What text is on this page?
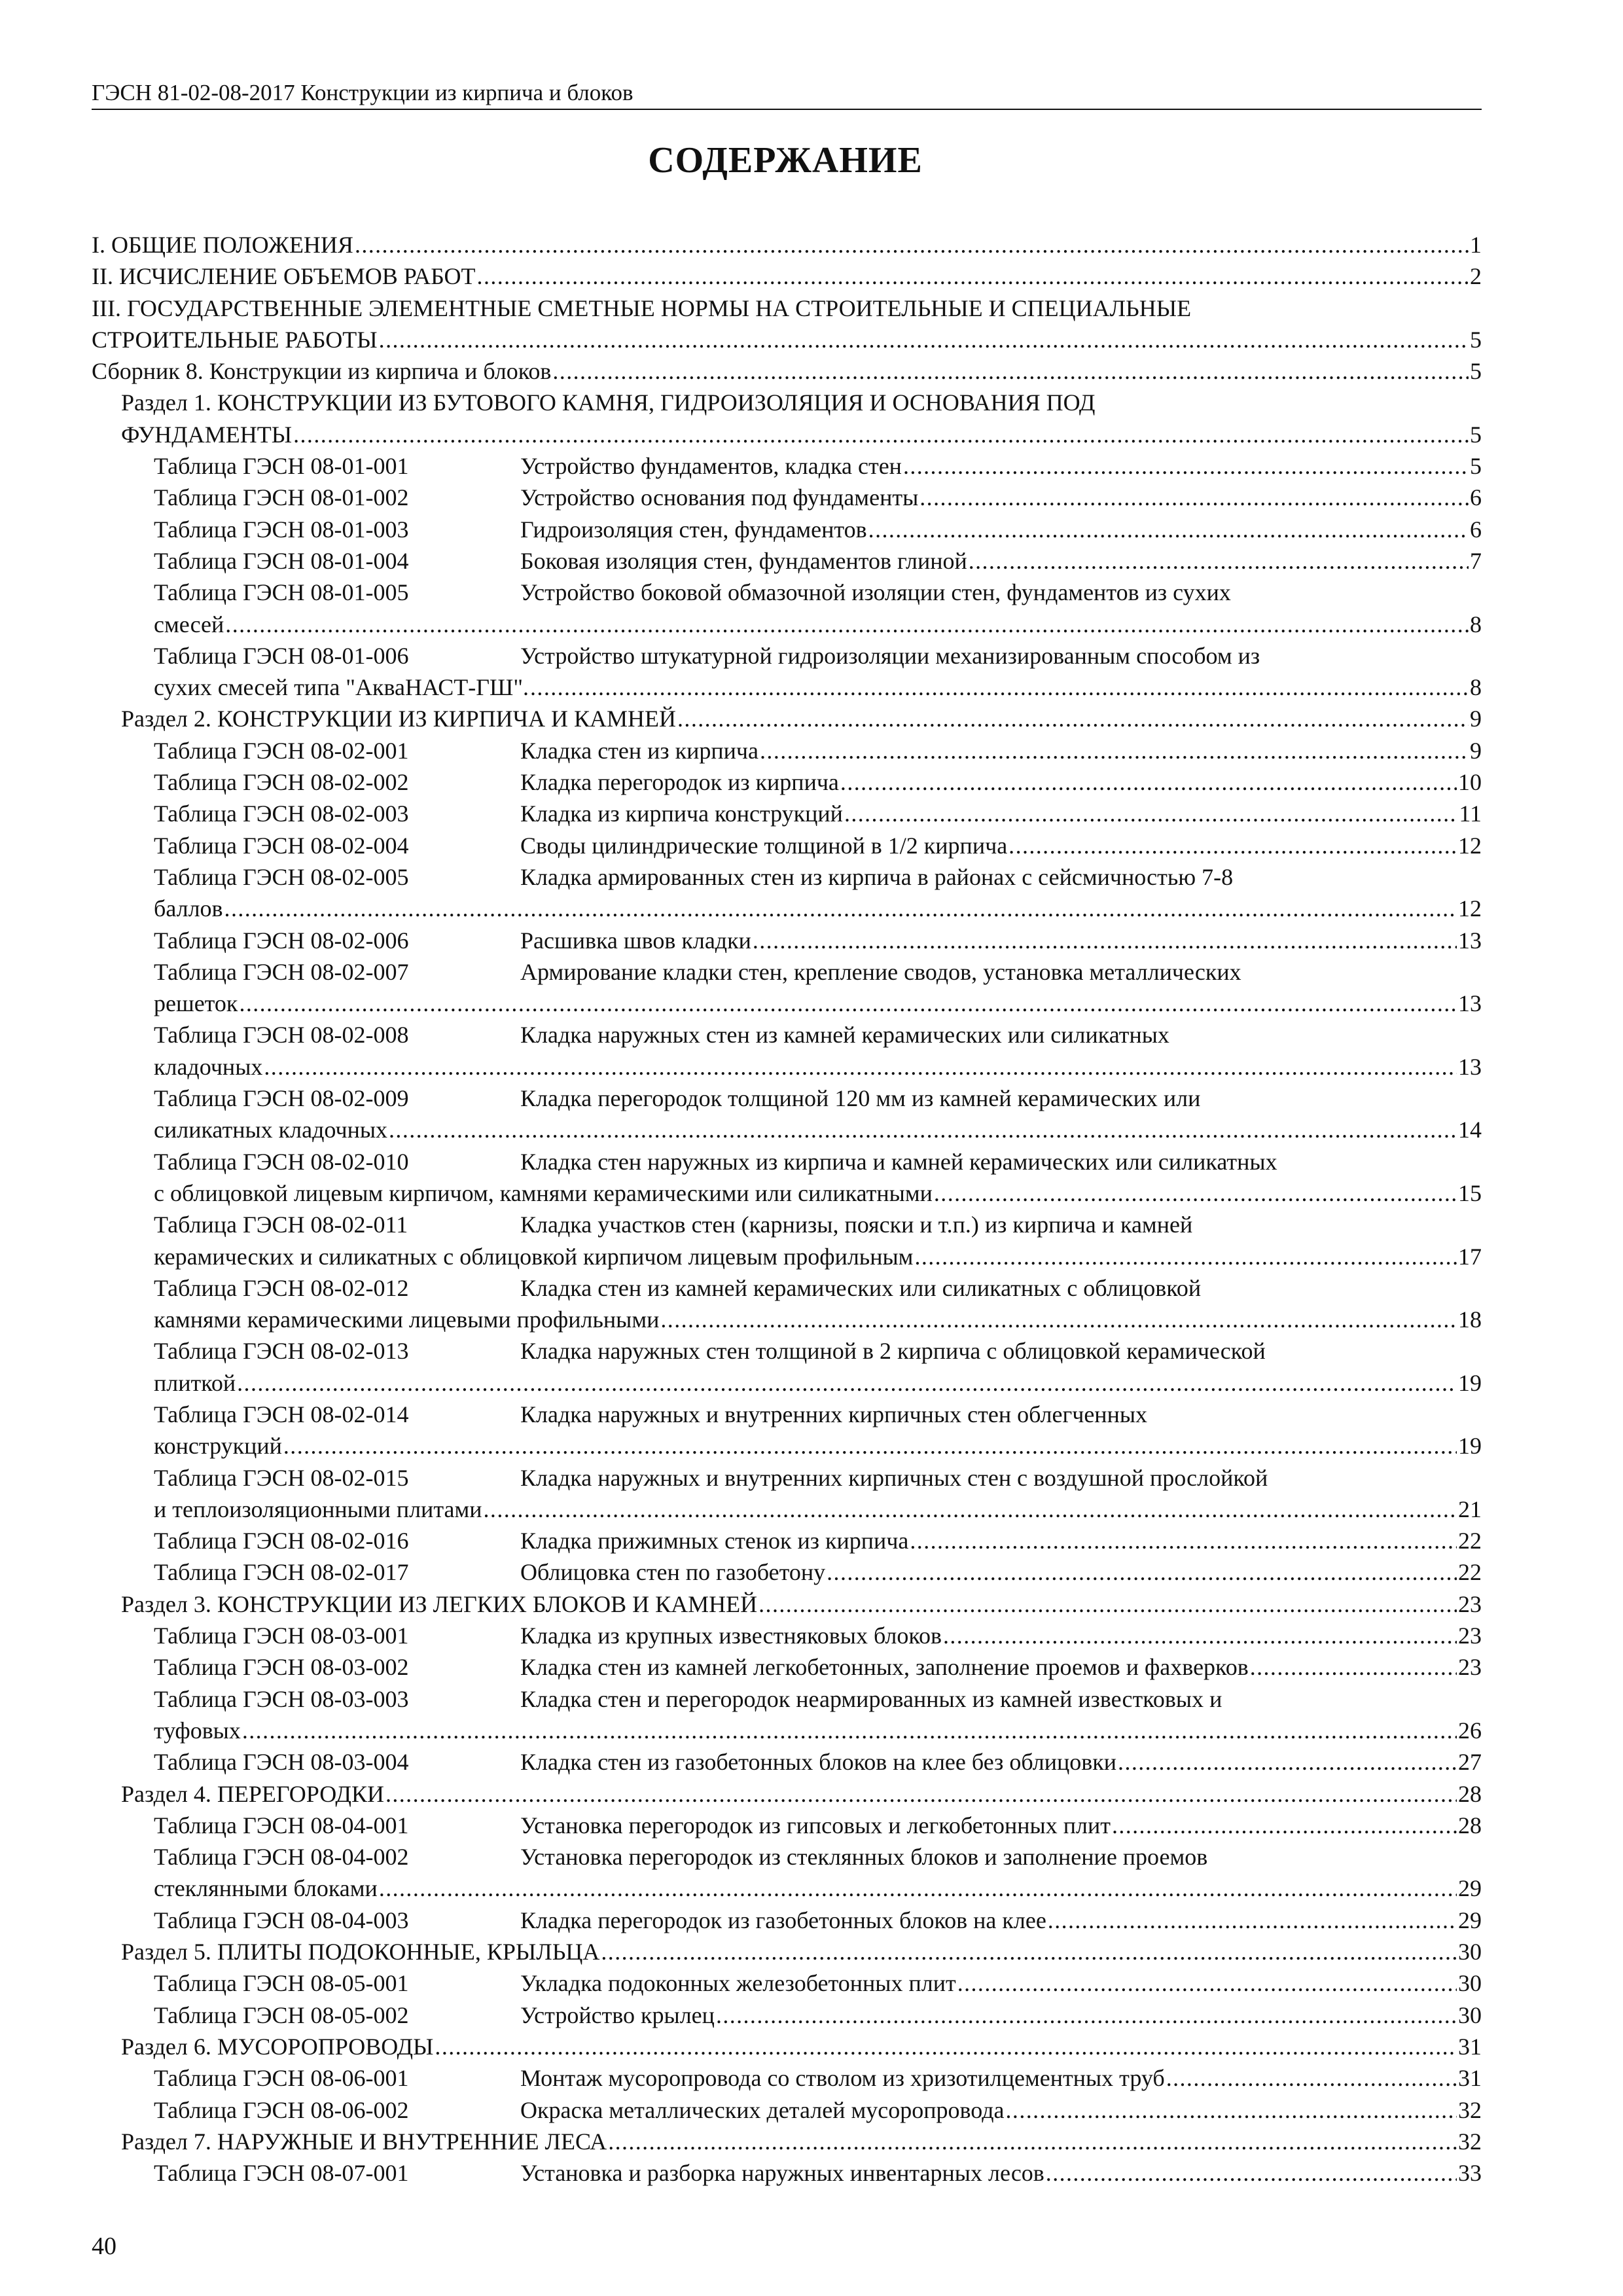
ГЭСН 81-02-08-2017 Конструкции из кирпича и блоков
СОДЕРЖАНИЕ
I. ОБЩИЕ ПОЛОЖЕНИЯ .....	1
II. ИСЧИСЛЕНИЕ ОБЪЕМОВ РАБОТ .....	2
III. ГОСУДАРСТВЕННЫЕ ЭЛЕМЕНТНЫЕ СМЕТНЫЕ НОРМЫ НА СТРОИТЕЛЬНЫЕ И СПЕЦИАЛЬНЫЕ
СТРОИТЕЛЬНЫЕ РАБОТЫ .....	5
Сборник 8. Конструкции из кирпича и блоков .....	5
Раздел 1. КОНСТРУКЦИИ ИЗ БУТОВОГО КАМНЯ, ГИДРОИЗОЛЯЦИЯ И ОСНОВАНИЯ ПОД
ФУНДАМЕНТЫ .....	5
Таблица ГЭСН 08-01-001	Устройство фундаментов, кладка стен .....	5
Таблица ГЭСН 08-01-002	Устройство основания под фундаменты .....	6
Таблица ГЭСН 08-01-003	Гидроизоляция стен, фундаментов .....	6
Таблица ГЭСН 08-01-004	Боковая изоляция стен, фундаментов глиной .....	7
Таблица ГЭСН 08-01-005	Устройство боковой обмазочной изоляции стен, фундаментов из сухих
смесей .....	8
Таблица ГЭСН 08-01-006	Устройство штукатурной гидроизоляции механизированным способом из
сухих смесей типа "АкваНАСТ-ГШ". .....	8
Раздел 2. КОНСТРУКЦИИ ИЗ КИРПИЧА И КАМНЕЙ .....	9
Таблица ГЭСН 08-02-001	Кладка стен из кирпича .....	9
Таблица ГЭСН 08-02-002	Кладка перегородок из кирпича .....	10
Таблица ГЭСН 08-02-003	Кладка из кирпича конструкций .....	11
Таблица ГЭСН 08-02-004	Своды цилиндрические толщиной в 1/2 кирпича .....	12
Таблица ГЭСН 08-02-005	Кладка армированных стен из кирпича в районах с сейсмичностью 7-8
баллов .....	12
Таблица ГЭСН 08-02-006	Расшивка швов кладки .....	13
Таблица ГЭСН 08-02-007	Армирование кладки стен, крепление сводов, установка металлических
решеток .....	13
Таблица ГЭСН 08-02-008	Кладка наружных стен из камней керамических или силикатных
кладочных .....	13
Таблица ГЭСН 08-02-009	Кладка перегородок толщиной 120 мм из камней керамических или
силикатных кладочных .....	14
Таблица ГЭСН 08-02-010	Кладка стен наружных из кирпича и камней керамических или силикатных
с облицовкой лицевым кирпичом, камнями керамическими или силикатными .....	15
Таблица ГЭСН 08-02-011	Кладка участков стен (карнизы, пояски и т.п.) из кирпича и камней
керамических и силикатных с облицовкой кирпичом лицевым профильным .....	17
Таблица ГЭСН 08-02-012	Кладка стен из камней керамических или силикатных с облицовкой
камнями керамическими лицевыми профильными .....	18
Таблица ГЭСН 08-02-013	Кладка наружных стен толщиной в 2 кирпича с облицовкой керамической
плиткой .....	19
Таблица ГЭСН 08-02-014	Кладка наружных и внутренних кирпичных стен облегченных
конструкций .....	19
Таблица ГЭСН 08-02-015	Кладка наружных и внутренних кирпичных стен с воздушной прослойкой
и теплоизоляционными плитами .....	21
Таблица ГЭСН 08-02-016	Кладка прижимных стенок из кирпича .....	22
Таблица ГЭСН 08-02-017	Облицовка стен по газобетону .....	22
Раздел 3. КОНСТРУКЦИИ ИЗ ЛЕГКИХ БЛОКОВ И КАМНЕЙ .....	23
Таблица ГЭСН 08-03-001	Кладка из крупных известняковых блоков .....	23
Таблица ГЭСН 08-03-002	Кладка стен из камней легкобетонных, заполнение проемов и фахверков .....	23
Таблица ГЭСН 08-03-003	Кладка стен и перегородок неармированных из камней известковых и
туфовых .....	26
Таблица ГЭСН 08-03-004	Кладка стен из газобетонных блоков на клее без облицовки .....	27
Раздел 4. ПЕРЕГОРОДКИ .....	28
Таблица ГЭСН 08-04-001	Установка перегородок из гипсовых и легкобетонных плит .....	28
Таблица ГЭСН 08-04-002	Установка перегородок из стеклянных блоков и заполнение проемов
стеклянными блоками .....	29
Таблица ГЭСН 08-04-003	Кладка перегородок из газобетонных блоков на клее .....	29
Раздел 5. ПЛИТЫ ПОДОКОННЫЕ, КРЫЛЬЦА .....	30
Таблица ГЭСН 08-05-001	Укладка подоконных железобетонных плит .....	30
Таблица ГЭСН 08-05-002	Устройство крылец .....	30
Раздел 6. МУСОРОПРОВОДЫ .....	31
Таблица ГЭСН 08-06-001	Монтаж мусоропровода со стволом из хризотилцементных труб .....	31
Таблица ГЭСН 08-06-002	Окраска металлических деталей мусоропровода .....	32
Раздел 7. НАРУЖНЫЕ И ВНУТРЕННИЕ ЛЕСА .....	32
Таблица ГЭСН 08-07-001	Установка и разборка наружных инвентарных лесов .....	33
40
